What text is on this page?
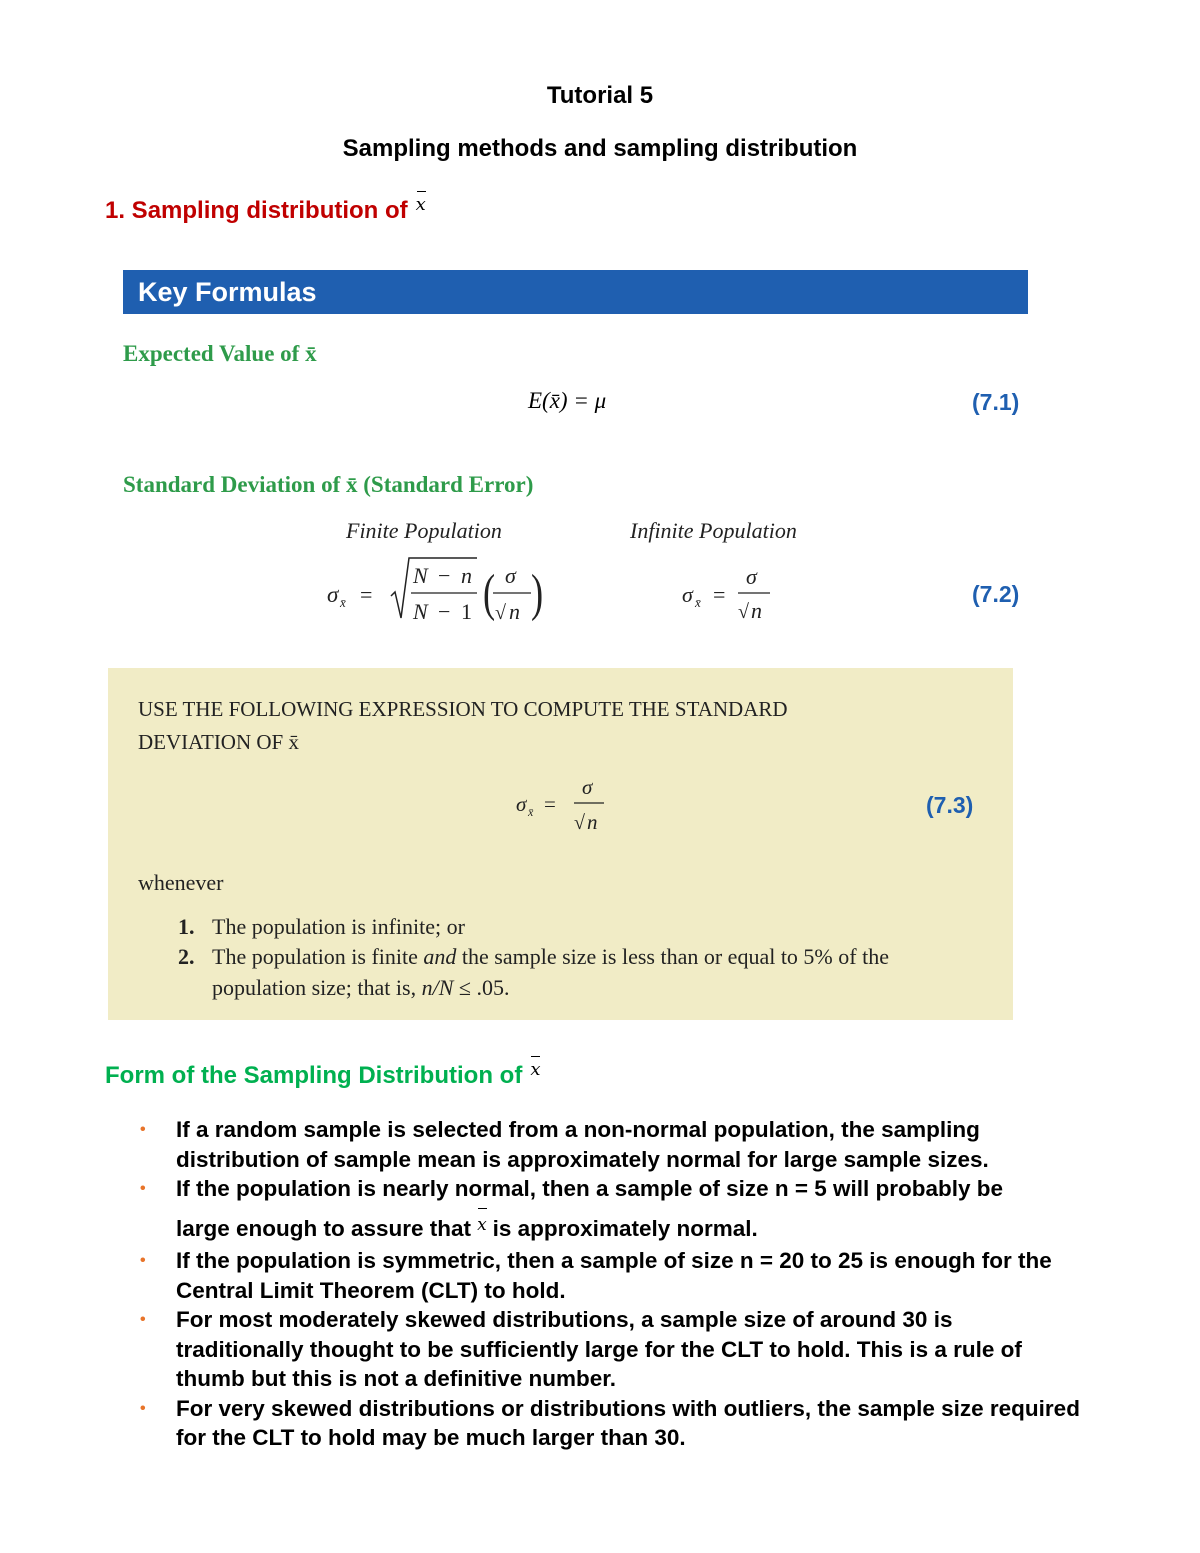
Tutorial 5
Sampling methods and sampling distribution
1. Sampling distribution of x
Key Formulas
Expected Value of x̄
E(x̄) = μ	(7.1)
Standard Deviation of x̄ (Standard Error)
Finite Population	Infinite Population
σ x̄ =
N − n
N − 1 ( σ
√ n )	σ x̄ =
σ
√ n
(7.2)
USE THE FOLLOWING EXPRESSION TO COMPUTE THE STANDARD
DEVIATION OF x̄
σ x̄ =
σ
√ n
(7.3)
whenever
1. The population is infinite; or
2. The population is finite and the sample size is less than or equal to 5% of the
population size; that is, n/N ≤ .05.
Form of the Sampling Distribution of x
• If a random sample is selected from a non-normal population, the sampling distribution of sample mean is approximately normal for large sample sizes.
• If the population is nearly normal, then a sample of size n = 5 will probably be
large enough to assure that x is approximately normal.
• If the population is symmetric, then a sample of size n = 20 to 25 is enough for the Central Limit Theorem (CLT) to hold.
• For most moderately skewed distributions, a sample size of around 30 is traditionally thought to be sufficiently large for the CLT to hold. This is a rule of thumb but this is not a definitive number.
• For very skewed distributions or distributions with outliers, the sample size required for the CLT to hold may be much larger than 30.
